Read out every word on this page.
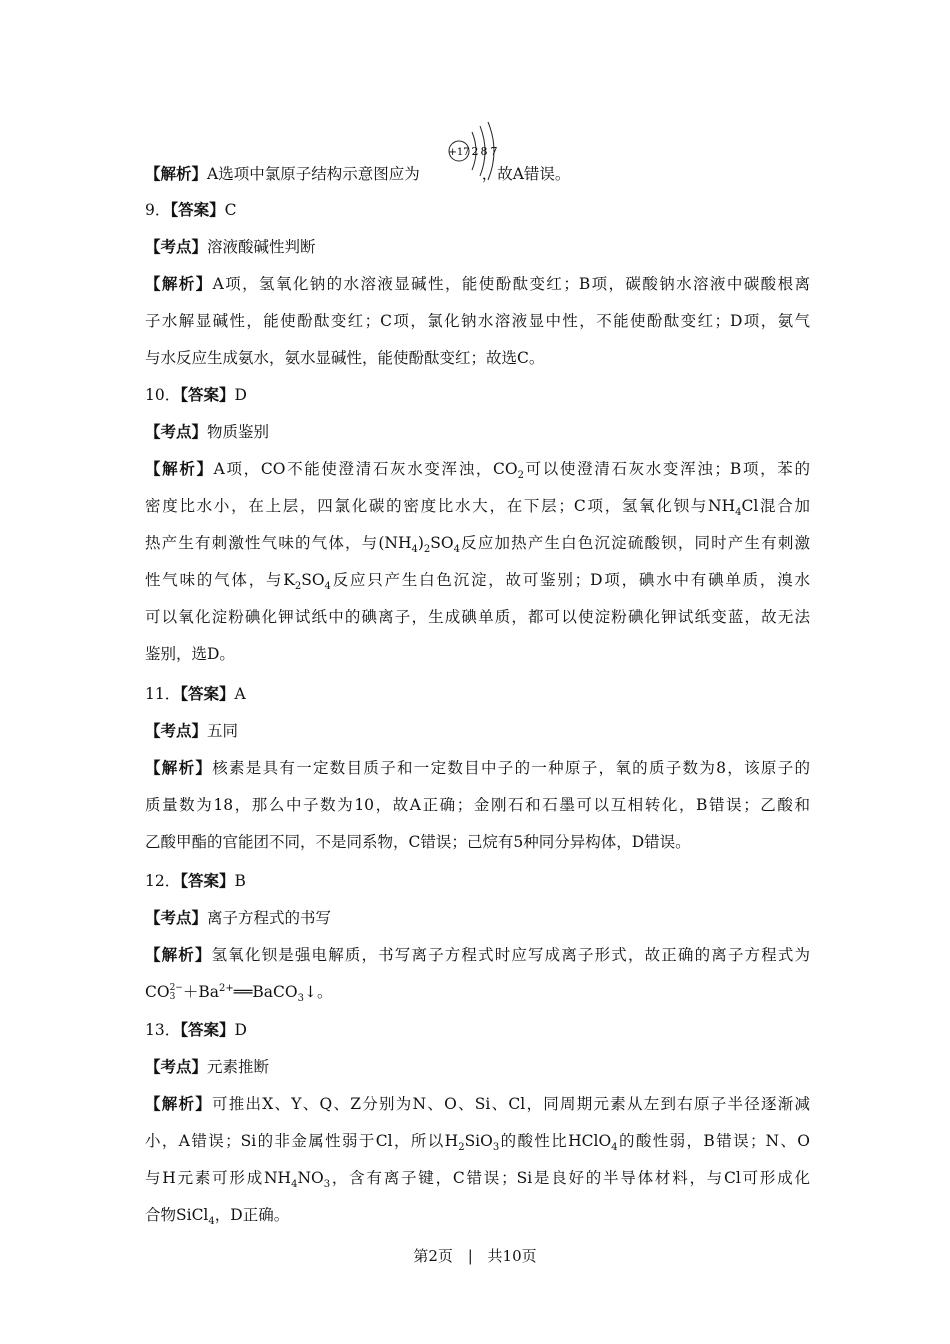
【解析】A选项中氯原子结构示意图应为	，故A错误。
+17 2 8 7
9．【答案】C
【考点】溶液酸碱性判断
【解析】A项，氢氧化钠的水溶液显碱性，能使酚酞变红；B项，碳酸钠水溶液中碳酸根离
子水解显碱性，能使酚酞变红；C项，氯化钠水溶液显中性，不能使酚酞变红；D项，氨气
与水反应生成氨水，氨水显碱性，能使酚酞变红；故选C。
10．【答案】D
【考点】物质鉴别
【解析】A项，CO不能使澄清石灰水变浑浊，$CO_2$可以使澄清石灰水变浑浊；B项，苯的
密度比水小，在上层，四氯化碳的密度比水大，在下层；C项，氢氧化钡与$NH_4Cl$混合加
热产生有刺激性气味的气体，与$(NH_4)_2SO_4$反应加热产生白色沉淀硫酸钡，同时产生有刺激
性气味的气体，与$K_2SO_4$反应只产生白色沉淀，故可鉴别；D项，碘水中有碘单质，溴水
可以氧化淀粉碘化钾试纸中的碘离子，生成碘单质，都可以使淀粉碘化钾试纸变蓝，故无法
鉴别，选D。
11．【答案】A
【考点】五同
【解析】核素是具有一定数目质子和一定数目中子的一种原子，氧的质子数为8，该原子的
质量数为18，那么中子数为10，故A正确；金刚石和石墨可以互相转化，B错误；乙酸和
乙酸甲酯的官能团不同，不是同系物，C错误；己烷有5种同分异构体，D错误。
12．【答案】B
【考点】离子方程式的书写
【解析】氢氧化钡是强电解质，书写离子方程式时应写成离子形式，故正确的离子方程式为
CO 2−
$3 +Ba^{2+}══BaCO_3↓$。
13．【答案】D
【考点】元素推断
【解析】可推出X、Y、Q、Z分别为N、O、Si、Cl，同周期元素从左到右原子半径逐渐减
小，A错误；Si的非金属性弱于Cl，所以$H_2SiO_3$的酸性比HClO$_4$的酸性弱，B错误；N、O
与H元素可形成$NH_4NO_3$，含有离子键，C错误；Si是良好的半导体材料，与Cl可形成化
合物SiCl$_4$，D正确。
第2页 | 共10页
